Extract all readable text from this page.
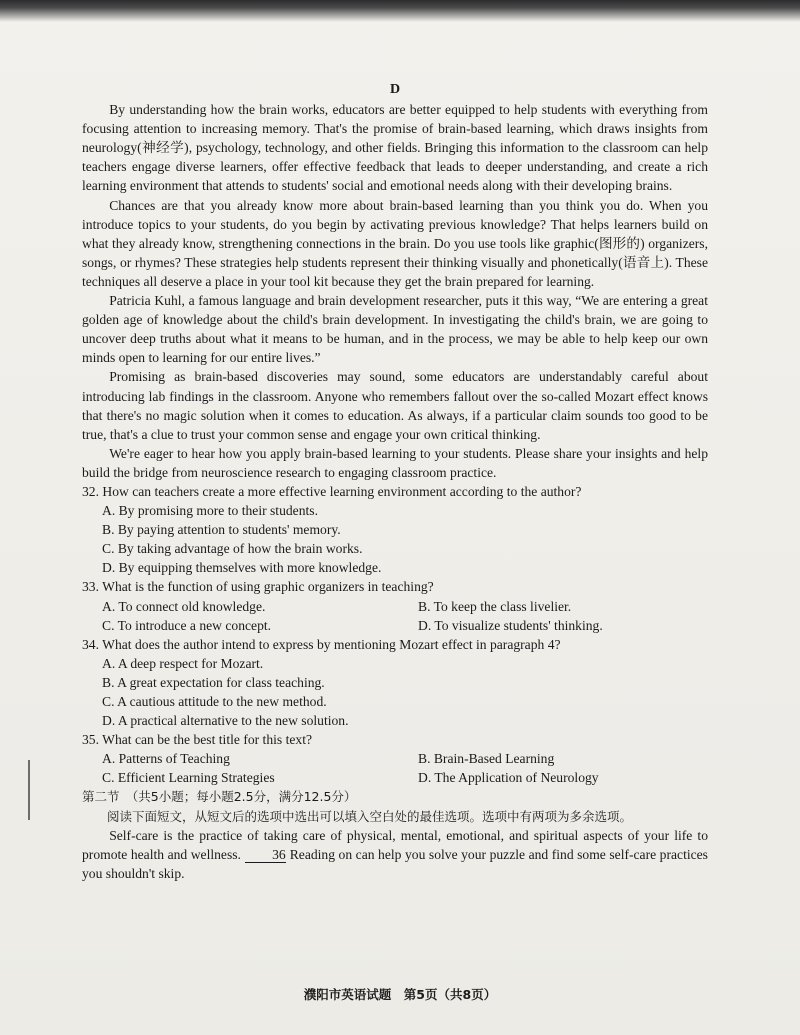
D

By understanding how the brain works, educators are better equipped to help students with everything from focusing attention to increasing memory. That's the promise of brain-based learning, which draws insights from neurology(神经学), psychology, technology, and other fields. Bringing this information to the classroom can help teachers engage diverse learners, offer effective feedback that leads to deeper understanding, and create a rich learning environment that attends to students' social and emotional needs along with their developing brains.

Chances are that you already know more about brain-based learning than you think you do. When you introduce topics to your students, do you begin by activating previous knowledge? That helps learners build on what they already know, strengthening connections in the brain. Do you use tools like graphic(图形的) organizers, songs, or rhymes? These strategies help students represent their thinking visually and phonetically(语音上). These techniques all deserve a place in your tool kit because they get the brain prepared for learning.

Patricia Kuhl, a famous language and brain development researcher, puts it this way, “We are entering a great golden age of knowledge about the child's brain development. In investigating the child's brain, we are going to uncover deep truths about what it means to be human, and in the process, we may be able to help keep our own minds open to learning for our entire lives.”

Promising as brain-based discoveries may sound, some educators are understandably careful about introducing lab findings in the classroom. Anyone who remembers fallout over the so-called Mozart effect knows that there's no magic solution when it comes to education. As always, if a particular claim sounds too good to be true, that's a clue to trust your common sense and engage your own critical thinking.

We're eager to hear how you apply brain-based learning to your students. Please share your insights and help build the bridge from neuroscience research to engaging classroom practice.

32. How can teachers create a more effective learning environment according to the author?

A. By promising more to their students.

B. By paying attention to students' memory.

C. By taking advantage of how the brain works.

D. By equipping themselves with more knowledge.

33. What is the function of using graphic organizers in teaching?

A. To connect old knowledge.	B. To keep the class livelier.
C. To introduce a new concept.	D. To visualize students' thinking.

34. What does the author intend to express by mentioning Mozart effect in paragraph 4?

A. A deep respect for Mozart.

B. A great expectation for class teaching.

C. A cautious attitude to the new method.

D. A practical alternative to the new solution.

35. What can be the best title for this text?

A. Patterns of Teaching	B. Brain-Based Learning
C. Efficient Learning Strategies	D. The Application of Neurology

第二节　（共5小题；每小题2.5分，满分12.5分）

阅读下面短文，从短文后的选项中选出可以填入空白处的最佳选项。选项中有两项为多余选项。

Self-care is the practice of taking care of physical, mental, emotional, and spiritual aspects of your life to promote health and wellness. 36 Reading on can help you solve your puzzle and find some self-care practices you shouldn't skip.

濮阳市英语试题　第5页（共8页）
